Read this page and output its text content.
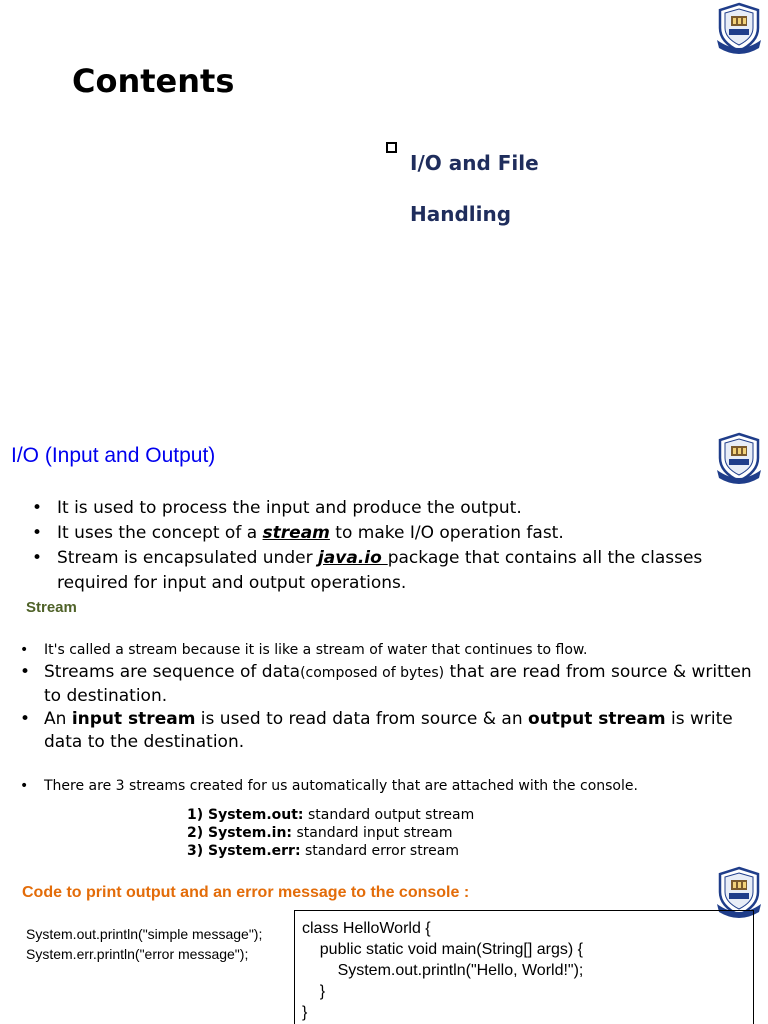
Contents
I/O and File
Handling
I/O (Input and Output)
• It is used to process the input and produce the output.
• It uses the concept of a stream to make I/O operation fast.
• Stream is encapsulated under java.io package that contains all the classes required for input and output operations.
Stream
• It's called a stream because it is like a stream of water that continues to flow.
• Streams are sequence of data(composed of bytes) that are read from source & written to destination.
• An input stream is used to read data from source & an output stream is write data to the destination.
• There are 3 streams created for us automatically that are attached with the console.
1) System.out: standard output stream
2) System.in: standard input stream
3) System.err: standard error stream
Code to print output and an error message to the console :
System.out.println("simple message");
System.err.println("error message");
class HelloWorld {
public static void main(String[] args) {
System.out.println("Hello, World!");
}
}
